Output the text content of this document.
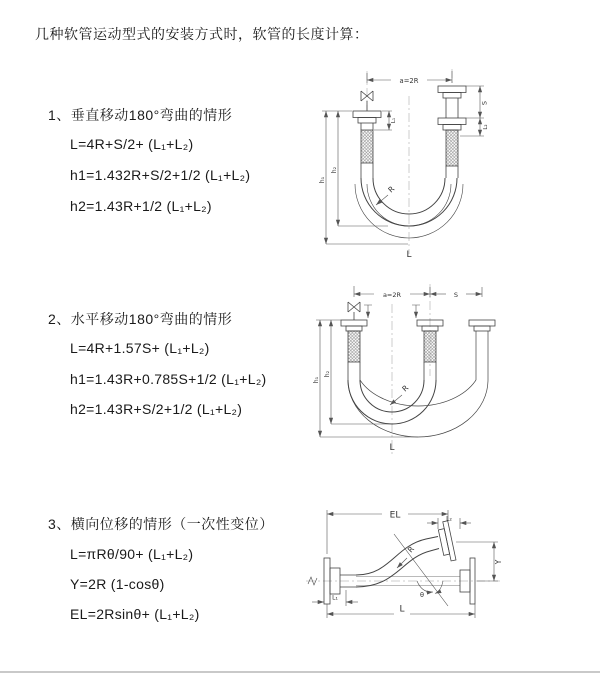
几种软管运动型式的安装方式时，软管的长度计算：
1、垂直移动180°弯曲的情形
L=4R+S/2+ (L₁+L₂)
h1=1.432R+S/2+1/2 (L₁+L₂)
h2=1.43R+1/2 (L₁+L₂)
2、水平移动180°弯曲的情形
L=4R+1.57S+ (L₁+L₂)
h1=1.43R+0.785S+1/2 (L₁+L₂)
h2=1.43R+S/2+1/2 (L₁+L₂)
3、横向位移的情形（一次性变位）
L=πRθ/90+ (L₁+L₂)
Y=2R (1-cosθ)
EL=2Rsinθ+ (L₁+L₂)
a=2R
S
L₂
L₁
h₁
h₂
R
L
a=2R	S
h₁
h₂
R
L
EL	L₂
Y
L
L₁
R
θ
